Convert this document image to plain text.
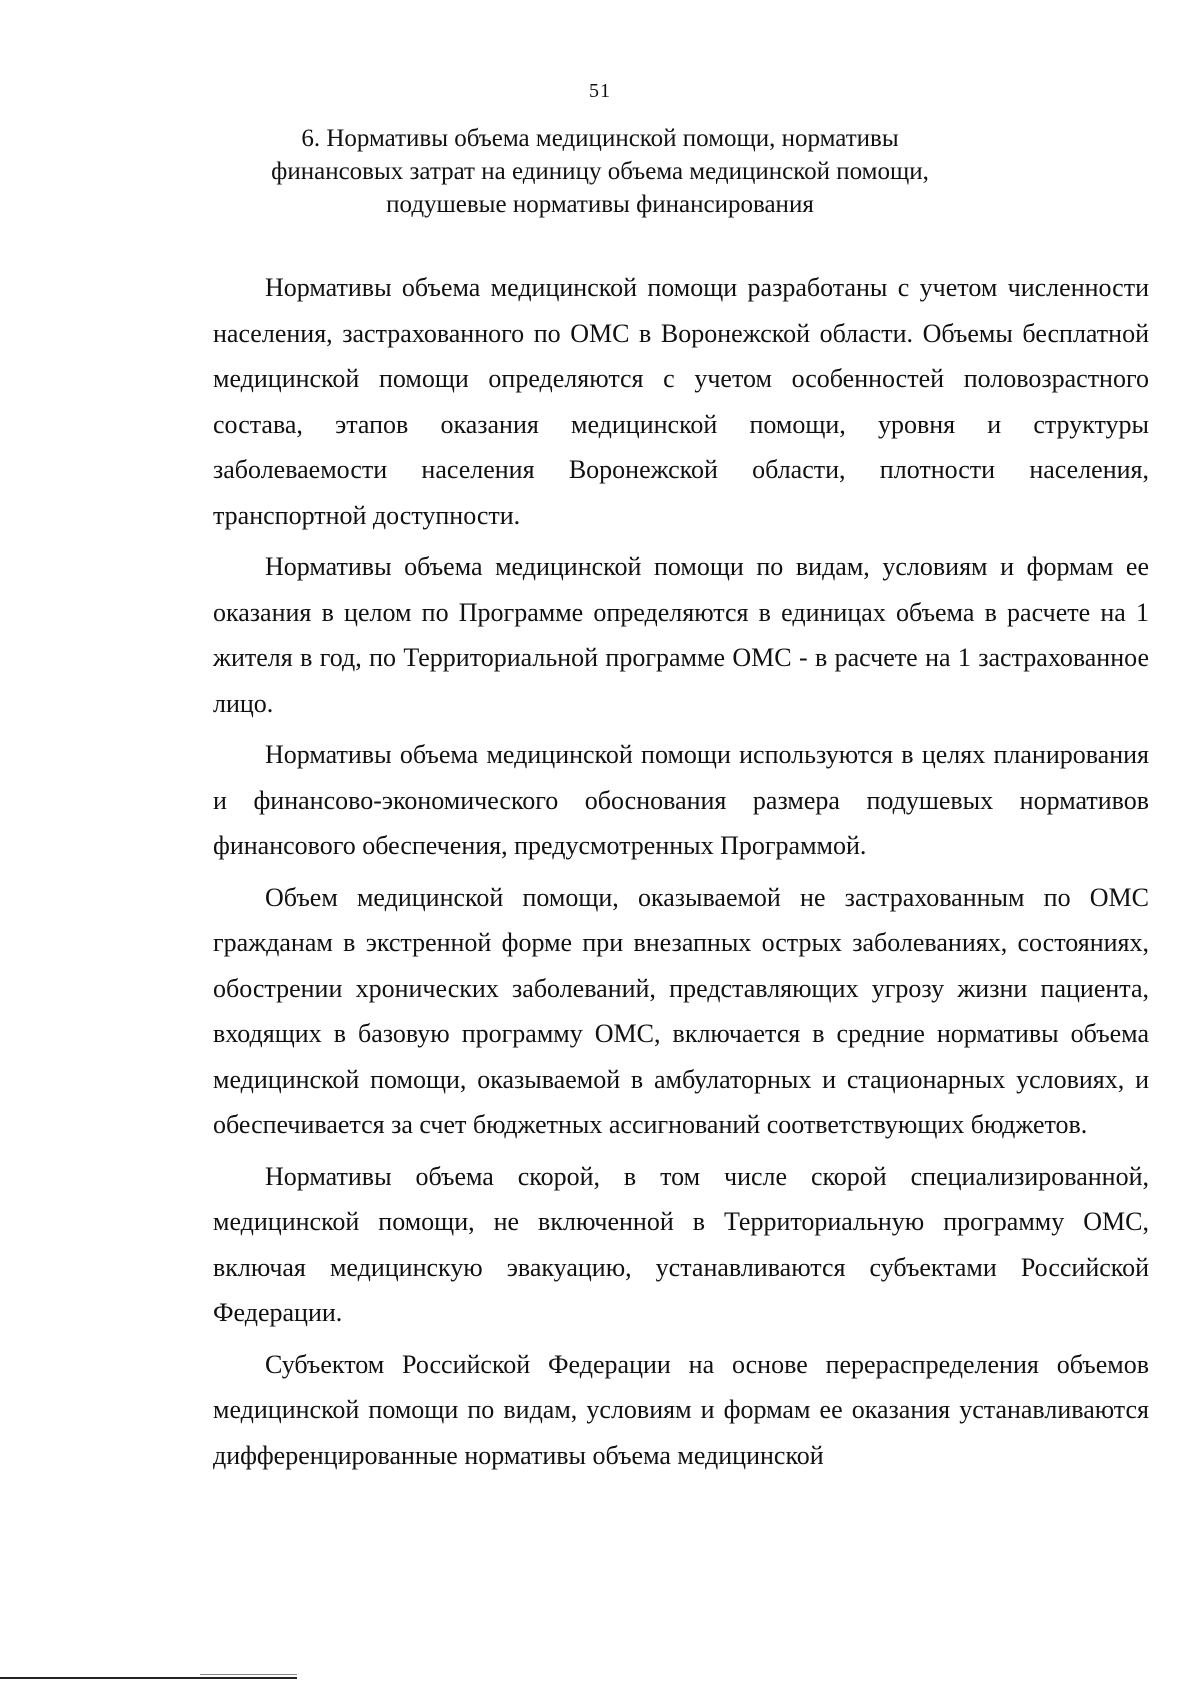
51
6. Нормативы объема медицинской помощи, нормативы
финансовых затрат на единицу объема медицинской помощи,
подушевые нормативы финансирования

Нормативы объема медицинской помощи разработаны с учетом численности населения, застрахованного по ОМС в Воронежской области. Объемы бесплатной медицинской помощи определяются с учетом особенностей половозрастного состава, этапов оказания медицинской помощи, уровня и структуры заболеваемости населения Воронежской области, плотности населения, транспортной доступности.

Нормативы объема медицинской помощи по видам, условиям и формам ее оказания в целом по Программе определяются в единицах объема в расчете на 1 жителя в год, по Территориальной программе ОМС - в расчете на 1 застрахованное лицо.

Нормативы объема медицинской помощи используются в целях планирования и финансово-экономического обоснования размера подушевых нормативов финансового обеспечения, предусмотренных Программой.

Объем медицинской помощи, оказываемой не застрахованным по ОМС гражданам в экстренной форме при внезапных острых заболеваниях, состояниях, обострении хронических заболеваний, представляющих угрозу жизни пациента, входящих в базовую программу ОМС, включается в средние нормативы объема медицинской помощи, оказываемой в амбулаторных и стационарных условиях, и обеспечивается за счет бюджетных ассигнований соответствующих бюджетов.

Нормативы объема скорой, в том числе скорой специализированной, медицинской помощи, не включенной в Территориальную программу ОМС, включая медицинскую эвакуацию, устанавливаются субъектами Российской Федерации.

Субъектом Российской Федерации на основе перераспределения объемов медицинской помощи по видам, условиям и формам ее оказания устанавливаются дифференцированные нормативы объема медицинской
